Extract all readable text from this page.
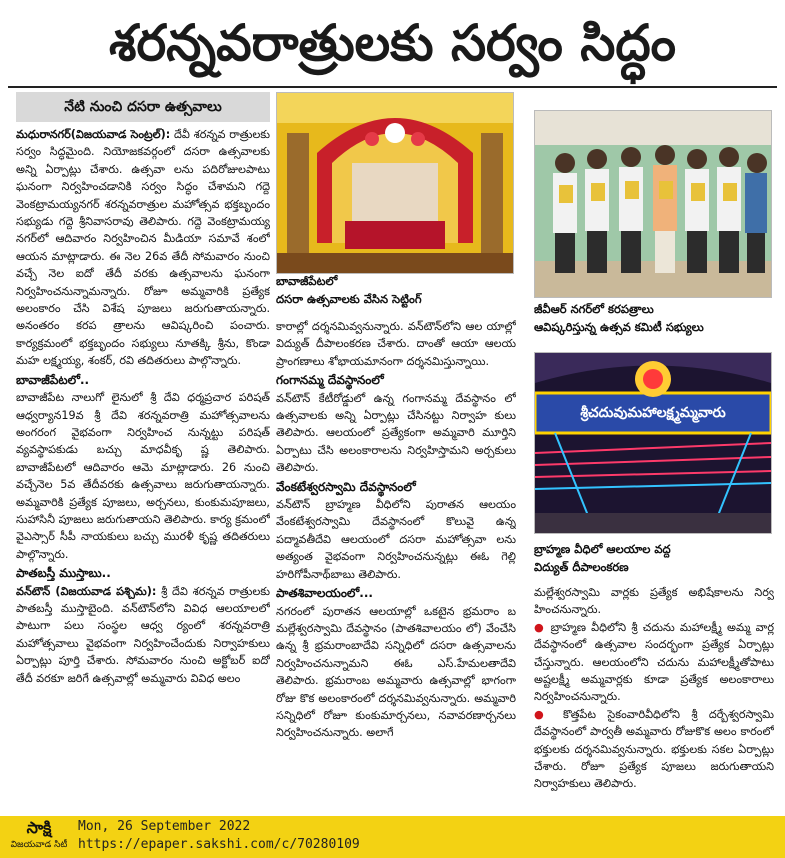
శరన్నవరాత్రులకు సర్వం సిద్ధం
నేటి నుంచి దసరా ఉత్సవాలు

మధురానగర్(విజయవాడ సెంట్రల్): దేవీ శరన్నవ రాత్రులకు సర్వం సిద్ధమైంది. నియోజకవర్గంలో దసరా ఉత్సవాలకు అన్ని ఏర్పాట్లు చేశారు. ఉత్సవా లను పదిరోజులపాటు ఘనంగా నిర్వహించడానికి సర్వం సిద్ధం చేశామని గద్దె వెంకట్రామయ్యనగర్ శరన్నవరాత్రుల మహోత్సవ భక్తబృందం సభ్యుడు గద్దె శ్రీనివాసరావు తెలిపారు. గద్దె వెంకట్రామయ్య నగర్‌లో ఆదివారం నిర్వహించిన మీడియా సమావే శంలో ఆయన మాట్లాడారు. ఈ నెల 26వ తేదీ సోమవారం నుంచి వచ్చే నెల ఐదో తేదీ వరకు ఉత్సవాలను ఘనంగా నిర్వహించనున్నామన్నారు. రోజూ అమ్మవారికి ప్రత్యేక అలంకారం చేసి విశేష పూజలు జరుగుతాయన్నారు. అనంతరం కరప త్రాలను ఆవిష్కరించి పంచారు. కార్యక్రమంలో భక్తబృందం సభ్యులు నూతక్కి శ్రీను, కొండా మహ లక్ష్మయ్య, శంకర్, రవి తదితరులు పాల్గొన్నారు.

బావాజీపేటలో..

బావాజీపేట నాలుగో లైనులో శ్రీ దేవి ధర్మప్రచార పరిషత్ ఆధ్వర్యాన19వ శ్రీ దేవి శరన్నవరాత్రి మహోత్సవాలను అంగరంగ వైభవంగా నిర్వహించ నున్నట్టు పరిషత్ వ్యవస్థాపకుడు బచ్చు మాధవీకృ ష్ణ తెలిపారు. బావాజీపేటలో ఆదివారం ఆమె మాట్లాడారు. 26 నుంచి వచ్చేనెల 5వ తేదీవరకు ఉత్సవాలు జరుగుతాయన్నారు. అమ్మవారికి ప్రత్యేక పూజలు, అర్చనలు, కుంకుమపూజలు, సుహాసినీ పూజలు జరుగుతాయని తెలిపారు. కార్య క్రమంలో వైఎస్సార్ సీపీ నాయకులు బచ్చు మురళీ కృష్ణ తదితరులు పాల్గొన్నారు.

పాతబస్తీ ముస్తాబు..

వన్‌టౌన్ (విజయవాడ పశ్చిమ): శ్రీ దేవి శరన్నవ రాత్రులకు పాతబస్తీ ముస్తాబైంది. వన్‌టౌన్‌లోని వివిధ ఆలయాలలో పాటుగా పలు సంస్థల ఆధ్వ ర్యంలో శరన్నవరాత్రి మహోత్సవాలు వైభవంగా నిర్వహించేందుకు నిర్వాహకులు ఏర్పాట్లు పూర్తి చేశారు. సోమవారం నుంచి అక్టోబర్ ఐదో తేదీ వరకూ జరిగే ఉత్సవాల్లో అమ్మవారు వివిధ అలం

బావాజీపేటలో
దసరా ఉత్సవాలకు వేసిన సెట్టింగ్

కారాల్లో దర్శనమివ్వనున్నారు. వన్‌టౌన్‌లోని ఆల యాల్లో విద్యుత్ దీపాలంకరణ చేశారు. దాంతో ఆయా ఆలయ ప్రాంగణాలు శోభాయమానంగా దర్శనమిస్తున్నాయి.

గంగానమ్మ దేవస్థానంలో

వన్‌టౌన్ కేటీరోడ్డులో ఉన్న గంగానమ్మ దేవస్థానం లో ఉత్సవాలకు అన్ని ఏర్పాట్లు చేసినట్టు నిర్వాహ కులు తెలిపారు. ఆలయంలో ప్రత్యేకంగా అమ్మవారి మూర్తిని ఏర్పాటు చేసి అలంకారాలను నిర్వహిస్తామని అర్చకులు తెలిపారు.

వేంకటేశ్వరస్వామి దేవస్థానంలో

వన్‌టౌన్ బ్రాహ్మణ వీధిలోని పురాతన ఆలయం వేంకటేశ్వరస్వామి దేవస్థానంలో కొలువై ఉన్న పద్మావతీదేవి ఆలయంలో దసరా మహోత్సవా లను అత్యంత వైభవంగా నిర్వహించనున్నట్లు ఈఓ గెల్లి హరిగోపీనాథ్‌బాబు తెలిపారు.

పాతశివాలయంలో...

నగరంలో పురాతన ఆలయాల్లో ఒకటైన భ్రమరాం బ మల్లేశ్వరస్వామి దేవస్థానం (పాతశివాలయం లో) వేంచేసి ఉన్న శ్రీ భ్రమరాంబాదేవి సన్నిధిలో దసరా ఉత్సవాలను నిర్వహించనున్నామని ఈఓ ఎస్.హేమలతాదేవి తెలిపారు. భ్రమరాంబ అమ్మవారు ఉత్సవాల్లో భాగంగా రోజు కొక అలంకారంలో దర్శనమివ్వనున్నారు. అమ్మవారి సన్నిధిలో రోజూ కుంకుమార్చనలు, నవావరణార్చనలు నిర్వహించనున్నారు. అలాగే

జీవీఆర్ నగర్‌లో కరపత్రాలు
ఆవిష్కరిస్తున్న ఉత్సవ కమిటీ సభ్యులు
శ్రీచదువుమహాలక్ష్మమ్మవారు
బ్రాహ్మణ వీధిలో ఆలయాల వద్ద
విద్యుత్ దీపాలంకరణ

మల్లేశ్వరస్వామి వార్లకు ప్రత్యేక అభిషేకాలను నిర్వ హించనున్నారు.

● బ్రాహ్మణ వీధిలోని శ్రీ చదును మహాలక్ష్మీ అమ్మ వార్ల దేవస్థానంలో ఉత్సవాల సందర్భంగా ప్రత్యేక ఏర్పాట్లు చేస్తున్నారు. ఆలయంలోని చదును మహాలక్ష్మీతోపాటు అష్టలక్ష్మీ అమ్మవార్లకు కూడా ప్రత్యేక అలంకారాలు నిర్వహించనున్నారు.

● కొత్తపేట సైకంవారివీధిలోని శ్రీ దర్బేశ్వరస్వామి దేవస్థానంలో పార్వతీ అమ్మవారు రోజుకొక అలం కారంలో భక్తులకు దర్శనమివ్వనున్నారు. భక్తులకు సకల ఏర్పాట్లు చేశారు. రోజూ ప్రత్యేక పూజలు జరుగుతాయని నిర్వాహకులు తెలిపారు.

సాక్షి
విజయవాడ సిటీ
Mon, 26 September 2022
https://epaper.sakshi.com/c/70280109
